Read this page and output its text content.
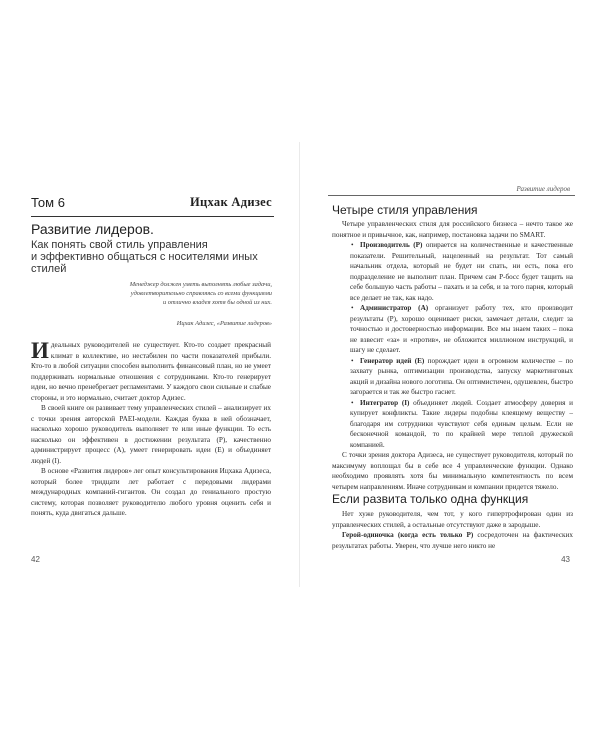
Том 6	Ицхак Адизес
Развитие лидеров.
Как понять свой стиль управления
и эффективно общаться с носителями иных
стилей
Менеджер должен уметь выполнять любые задачи,
удовлетворительно справляясь со всеми функциями
и отлично владея хотя бы одной из них.
Ицхак Адизес, «Развитие лидеров»

Идеальных руководителей не существует. Кто-то создает прекрасный климат в коллективе, но нестабилен по части показателей прибыли. Кто-то в любой ситуации способен выполнить финансовый план, но не умеет поддерживать нормальные отношения с сотрудниками. Кто-то генерирует идеи, но вечно пренебрегает регламентами. У каждого свои сильные и слабые стороны, и это нормально, считает доктор Адизес.

В своей книге он развивает тему управленческих стилей – анализирует их с точки зрения авторской PAEI-модели. Каждая буква в ней обозначает, насколько хорошо руководитель выполняет те или иные функции. То есть насколько он эффективен в достижении результата (P), качественно администрирует процесс (A), умеет генерировать идеи (E) и объединяет людей (I).

В основе «Развития лидеров» лег опыт консультирования Ицхака Адизеса, который более тридцати лет работает с передовыми лидерами международных компаний-гигантов. Он создал до гениального простую систему, которая позволяет руководителю любого уровня оценить себя и понять, куда двигаться дальше.

42
Развитие лидеров
Четыре стиля управления

Четыре управленческих стиля для российского бизнеса – нечто такое же понятное и привычное, как, например, постановка задачи по SMART.

• Производитель (P) опирается на количественные и качественные показатели. Решительный, нацеленный на результат. Тот самый начальник отдела, который не будет ни спать, ни есть, пока его подразделение не выполнит план. Причем сам P-босс будет тащить на себе большую часть работы – пахать и за себя, и за того парня, который все делает не так, как надо.

• Администратор (A) организует работу тех, кто производит результаты (P), хорошо оценивает риски, замечает детали, следит за точностью и достоверностью информации. Все мы знаем таких – пока не взвесит «за» и «против», не обложится миллионом инструкций, и шагу не сделает.

• Генератор идей (E) порождает идеи в огромном количестве – по захвату рынка, оптимизации производства, запуску маркетинговых акций и дизайна нового логотипа. Он оптимистичен, одушевлен, быстро загорается и так же быстро гаснет.

• Интегратор (I) объединяет людей. Создает атмосферу доверия и купирует конфликты. Такие лидеры подобны клеящему веществу – благодаря им сотрудники чувствуют себя единым целым. Если не бесконечной командой, то по крайней мере теплой дружеской компанией.

С точки зрения доктора Адизеса, не существует руководителя, который по максимуму воплощал бы в себе все 4 управленческие функции. Однако необходимо проявлять хотя бы минимальную компетентность по всем четырем направлениям. Иначе сотрудникам и компании придется тяжело.

Если развита только одна функция

Нет хуже руководителя, чем тот, у кого гипертрофирован один из управленческих стилей, а остальные отсутствуют даже в зародыше.

Герой-одиночка (когда есть только P) сосредоточен на фактических результатах работы. Уверен, что лучше него никто не

43
